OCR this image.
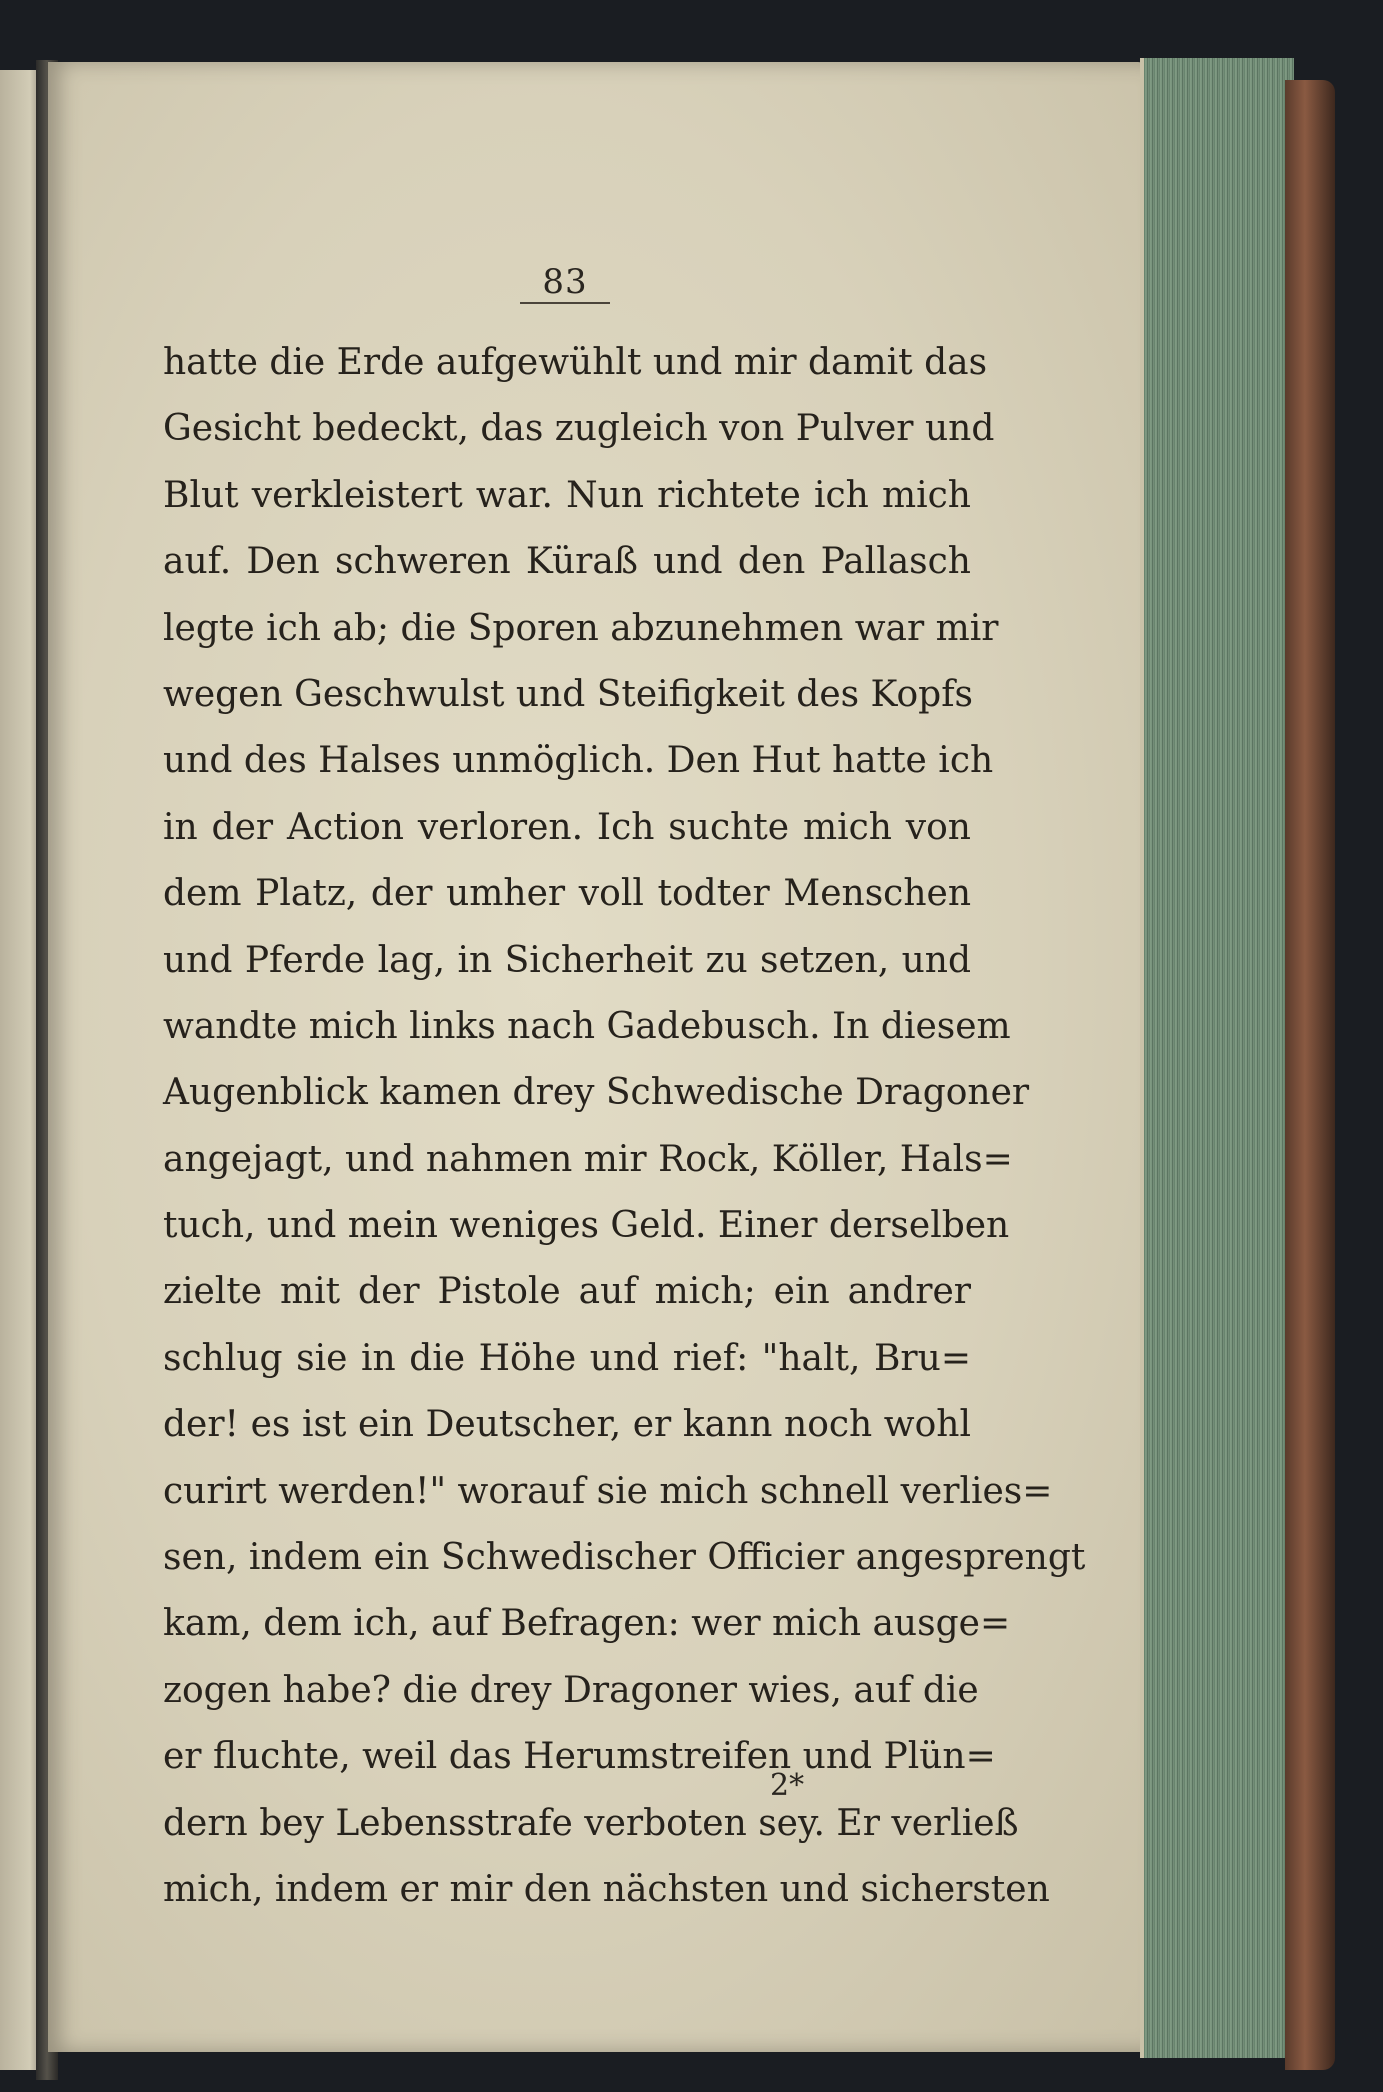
83
hatte die Erde aufgewühlt und mir damit das
Gesicht bedeckt, das zugleich von Pulver und
Blut verkleistert war. Nun richtete ich mich
auf. Den schweren Küraß und den Pallasch
legte ich ab; die Sporen abzunehmen war mir
wegen Geschwulst und Steifigkeit des Kopfs
und des Halses unmöglich. Den Hut hatte ich
in der Action verloren. Ich suchte mich von
dem Platz, der umher voll todter Menschen
und Pferde lag, in Sicherheit zu setzen, und
wandte mich links nach Gadebusch. In diesem
Augenblick kamen drey Schwedische Dragoner
angejagt, und nahmen mir Rock, Köller, Hals=
tuch, und mein weniges Geld. Einer derselben
zielte mit der Pistole auf mich; ein andrer
schlug sie in die Höhe und rief: "halt, Bru=
der! es ist ein Deutscher, er kann noch wohl
curirt werden!" worauf sie mich schnell verlies=
sen, indem ein Schwedischer Officier angesprengt
kam, dem ich, auf Befragen: wer mich ausge=
zogen habe? die drey Dragoner wies, auf die
er fluchte, weil das Herumstreifen und Plün=
dern bey Lebensstrafe verboten sey. Er verließ
mich, indem er mir den nächsten und sichersten
2*
